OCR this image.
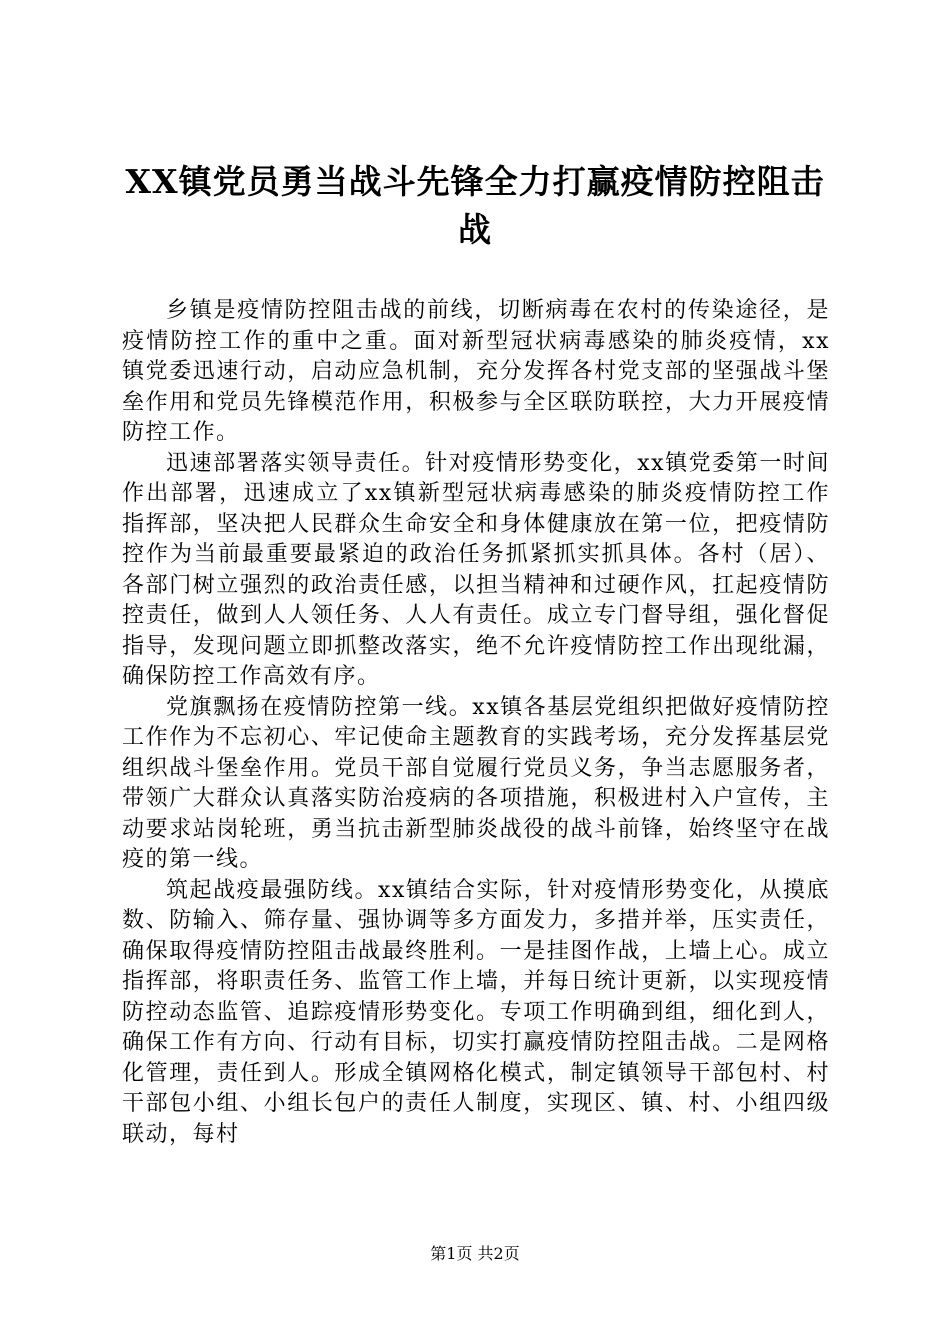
XX镇党员勇当战斗先锋全力打赢疫情防控阻击战

乡镇是疫情防控阻击战的前线，切断病毒在农村的传染途径，是疫情防控工作的重中之重。面对新型冠状病毒感染的肺炎疫情，xx镇党委迅速行动，启动应急机制，充分发挥各村党支部的坚强战斗堡垒作用和党员先锋模范作用，积极参与全区联防联控，大力开展疫情防控工作。

迅速部署落实领导责任。针对疫情形势变化，xx镇党委第一时间作出部署，迅速成立了xx镇新型冠状病毒感染的肺炎疫情防控工作指挥部，坚决把人民群众生命安全和身体健康放在第一位，把疫情防控作为当前最重要最紧迫的政治任务抓紧抓实抓具体。各村（居）、各部门树立强烈的政治责任感，以担当精神和过硬作风，扛起疫情防控责任，做到人人领任务、人人有责任。成立专门督导组，强化督促指导，发现问题立即抓整改落实，绝不允许疫情防控工作出现纰漏，确保防控工作高效有序。

党旗飘扬在疫情防控第一线。xx镇各基层党组织把做好疫情防控工作作为不忘初心、牢记使命主题教育的实践考场，充分发挥基层党组织战斗堡垒作用。党员干部自觉履行党员义务，争当志愿服务者，带领广大群众认真落实防治疫病的各项措施，积极进村入户宣传，主动要求站岗轮班，勇当抗击新型肺炎战役的战斗前锋，始终坚守在战疫的第一线。

筑起战疫最强防线。xx镇结合实际，针对疫情形势变化，从摸底数、防输入、筛存量、强协调等多方面发力，多措并举，压实责任，确保取得疫情防控阻击战最终胜利。一是挂图作战，上墙上心。成立指挥部，将职责任务、监管工作上墙，并每日统计更新，以实现疫情防控动态监管、追踪疫情形势变化。专项工作明确到组，细化到人，确保工作有方向、行动有目标，切实打赢疫情防控阻击战。二是网格化管理，责任到人。形成全镇网格化模式，制定镇领导干部包村、村干部包小组、小组长包户的责任人制度，实现区、镇、村、小组四级联动，每村

第1页 共2页
